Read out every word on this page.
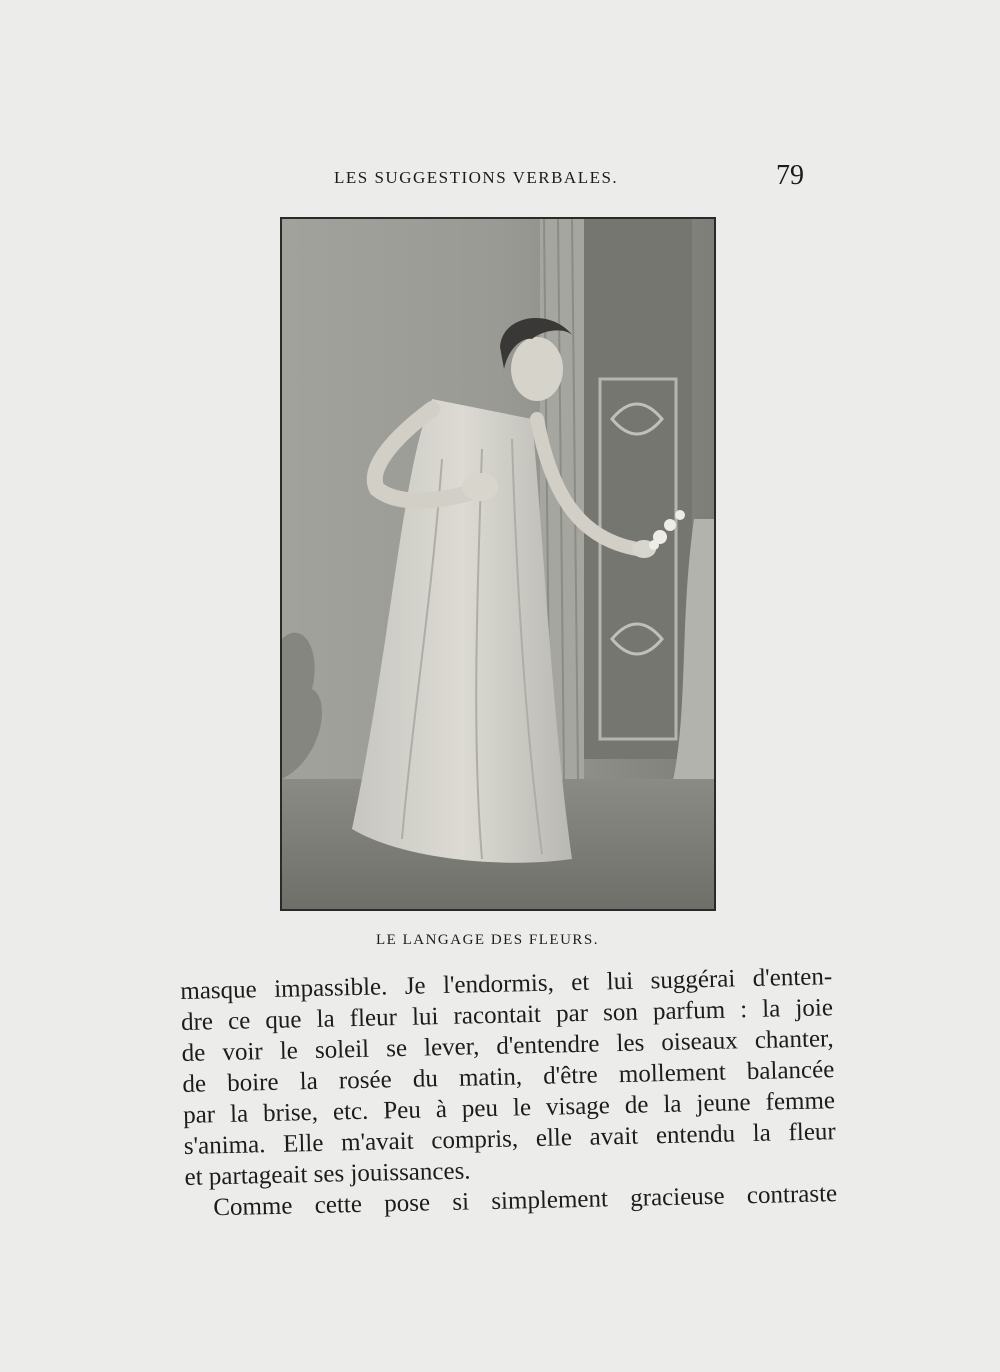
LES SUGGESTIONS VERBALES.	79
LE LANGAGE DES FLEURS.

masque impassible. Je l'endormis, et lui suggérai d'enten-

dre ce que la fleur lui racontait par son parfum : la joie

de voir le soleil se lever, d'entendre les oiseaux chanter,

de boire la rosée du matin, d'être mollement balancée

par la brise, etc. Peu à peu le visage de la jeune femme

s'anima. Elle m'avait compris, elle avait entendu la fleur

et partageait ses jouissances.

Comme cette pose si simplement gracieuse contraste
